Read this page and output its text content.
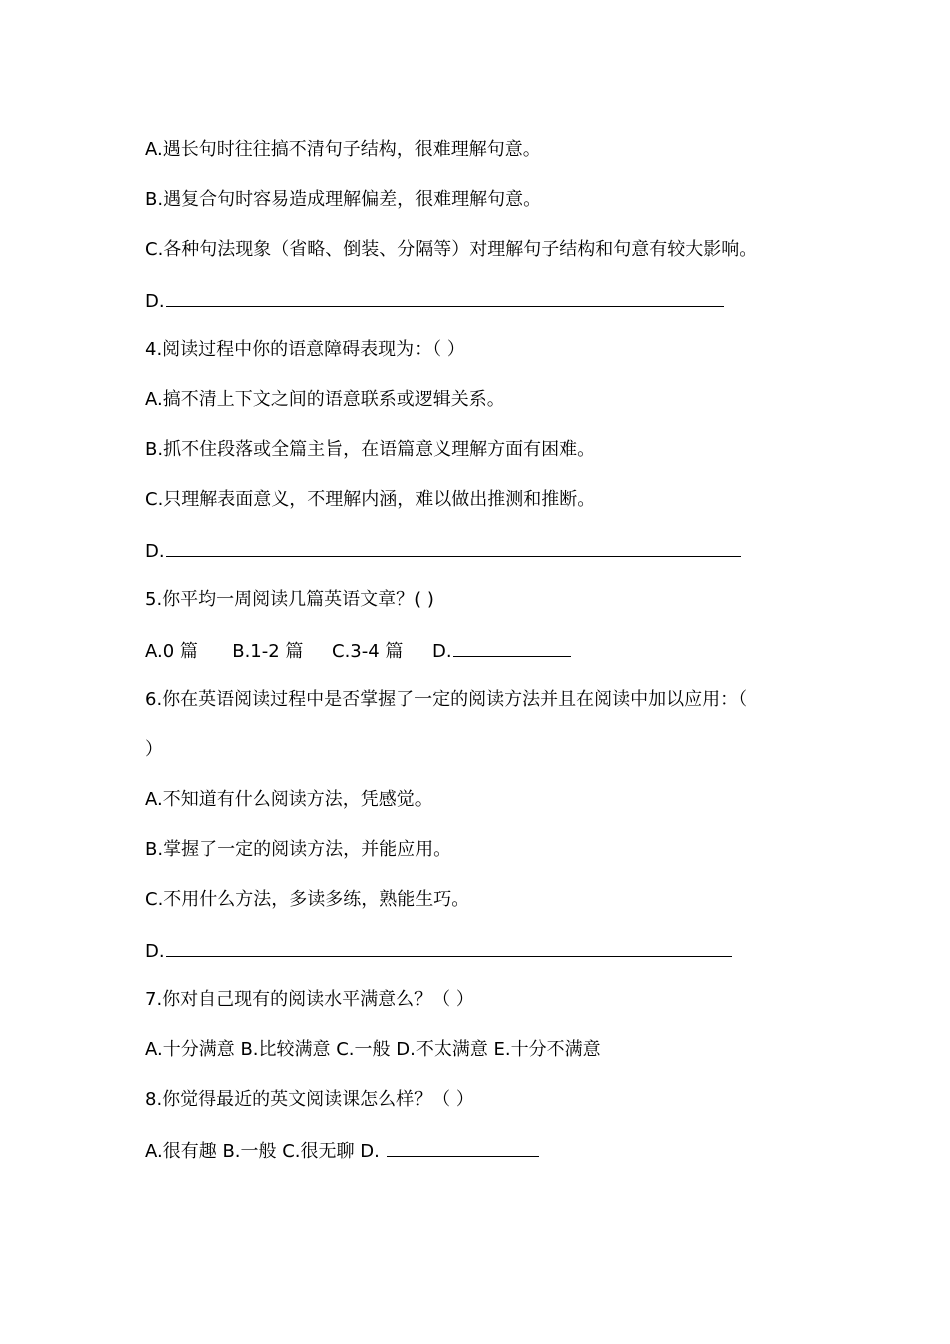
A.遇长句时往往搞不清句子结构，很难理解句意。
B.遇复合句时容易造成理解偏差，很难理解句意。
C.各种句法现象（省略、倒装、分隔等）对理解句子结构和句意有较大影响。
D.
4.阅读过程中你的语意障碍表现为：（ ）
A.搞不清上下文之间的语意联系或逻辑关系。
B.抓不住段落或全篇主旨，在语篇意义理解方面有困难。
C.只理解表面意义，不理解内涵，难以做出推测和推断。
D.
5.你平均一周阅读几篇英语文章？( )
A.0 篇      B.1-2 篇     C.3-4 篇     D.
6.你在英语阅读过程中是否掌握了一定的阅读方法并且在阅读中加以应用：（
）
A.不知道有什么阅读方法，凭感觉。
B.掌握了一定的阅读方法，并能应用。
C.不用什么方法，多读多练，熟能生巧。
D.
7.你对自己现有的阅读水平满意么？（ ）
A.十分满意 B.比较满意 C.一般 D.不太满意 E.十分不满意
8.你觉得最近的英文阅读课怎么样？（ ）
A.很有趣 B.一般 C.很无聊 D.
